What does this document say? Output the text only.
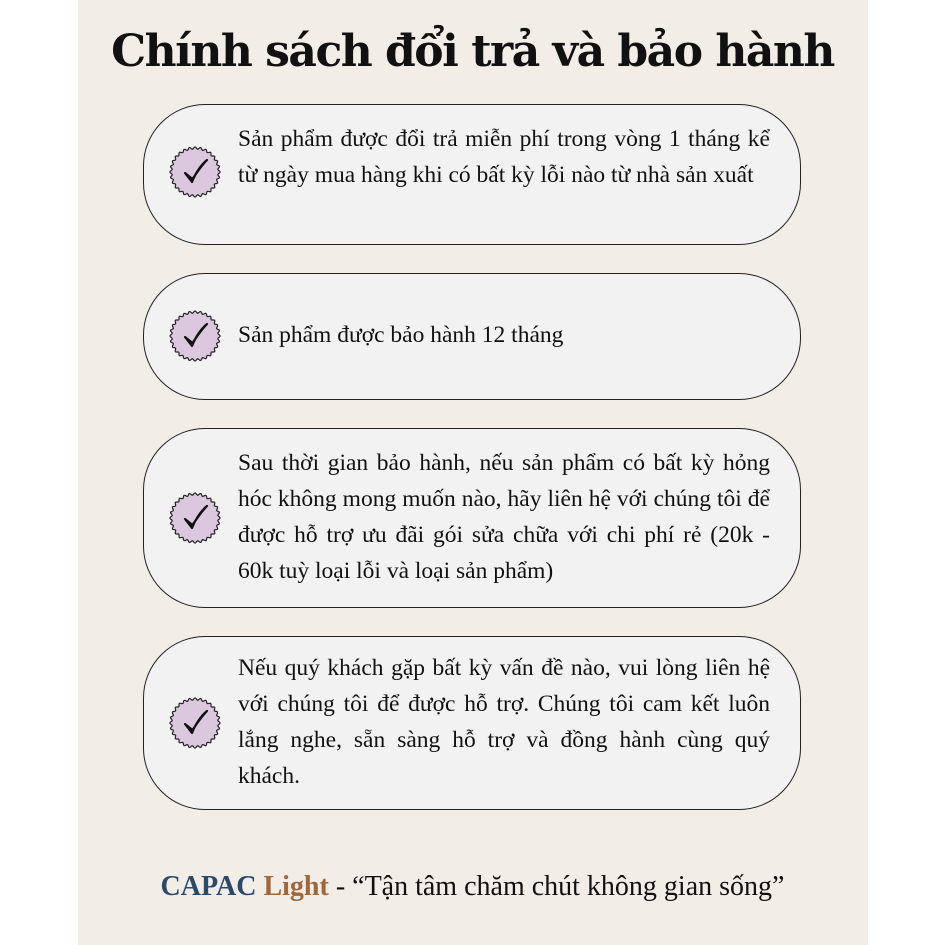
Chính sách đổi trả và bảo hành
Sản phẩm được đổi trả miễn phí trong vòng 1 tháng kể từ ngày mua hàng khi có bất kỳ lỗi nào từ nhà sản xuất
Sản phẩm được bảo hành 12 tháng
Sau thời gian bảo hành, nếu sản phẩm có bất kỳ hỏng hóc không mong muốn nào, hãy liên hệ với chúng tôi để được hỗ trợ ưu đãi gói sửa chữa với chi phí rẻ (20k - 60k tuỳ loại lỗi và loại sản phẩm)
Nếu quý khách gặp bất kỳ vấn đề nào, vui lòng liên hệ với chúng tôi để được hỗ trợ. Chúng tôi cam kết luôn lắng nghe, sẵn sàng hỗ trợ và đồng hành cùng quý khách.
CAPAC Light - “Tận tâm chăm chút không gian sống”
